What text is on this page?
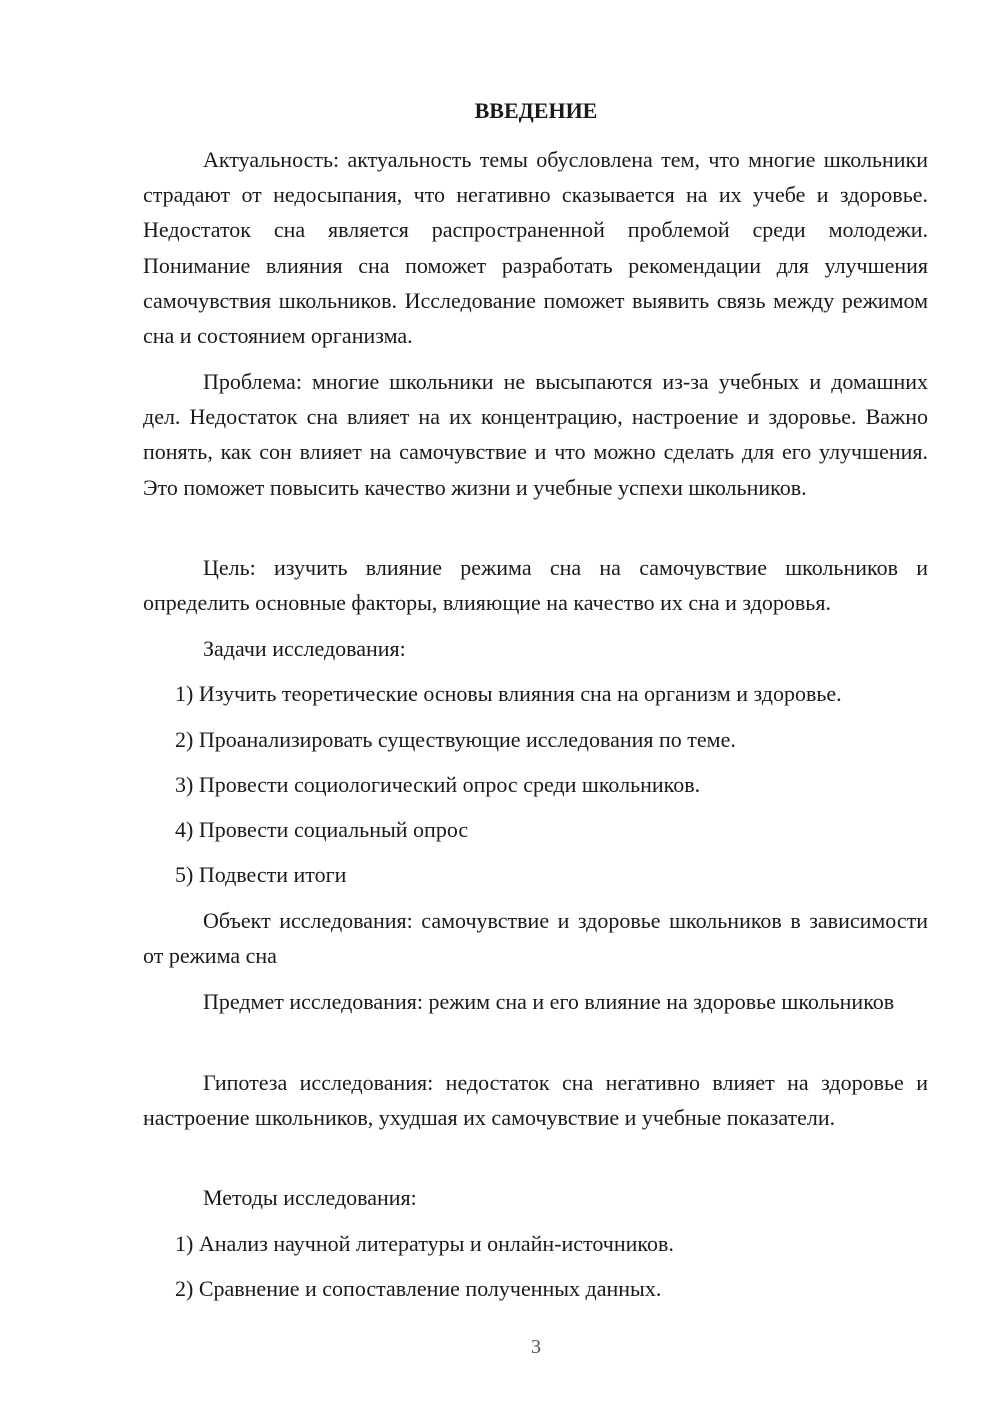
ВВЕДЕНИЕ

Актуальность: актуальность темы обусловлена тем, что многие школьники страдают от недосыпания, что негативно сказывается на их учебе и здоровье. Недостаток сна является распространенной проблемой среди молодежи. Понимание влияния сна поможет разработать рекомендации для улучшения самочувствия школьников. Исследование поможет выявить связь между режимом сна и состоянием организма.

Проблема: многие школьники не высыпаются из-за учебных и домашних дел. Недостаток сна влияет на их концентрацию, настроение и здоровье. Важно понять, как сон влияет на самочувствие и что можно сделать для его улучшения. Это поможет повысить качество жизни и учебные успехи школьников.

Цель: изучить влияние режима сна на самочувствие школьников и определить основные факторы, влияющие на качество их сна и здоровья.

Задачи исследования:

1) Изучить теоретические основы влияния сна на организм и здоровье.

2) Проанализировать существующие исследования по теме.

3) Провести социологический опрос среди школьников.

4) Провести социальный опрос

5) Подвести итоги

Объект исследования: самочувствие и здоровье школьников в зависимости от режима сна

Предмет исследования: режим сна и его влияние на здоровье школьников

Гипотеза исследования: недостаток сна негативно влияет на здоровье и настроение школьников, ухудшая их самочувствие и учебные показатели.

Методы исследования:

1) Анализ научной литературы и онлайн-источников.

2) Сравнение и сопоставление полученных данных.

3
